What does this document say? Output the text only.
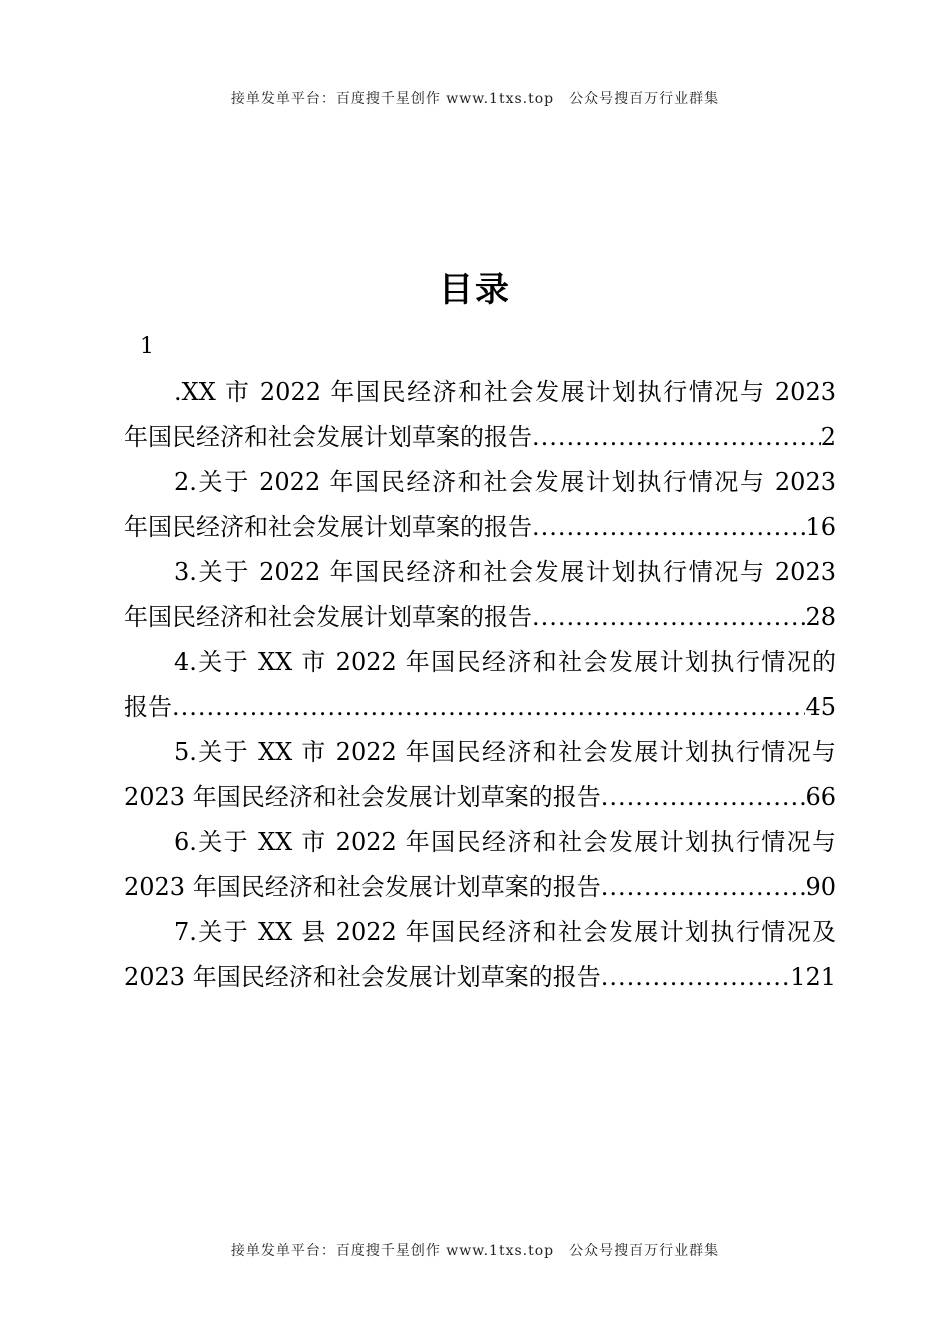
接单发单平台：百度搜千星创作 www.1txs.top　公众号搜百万行业群集
目录
1
.XX 市 2022 年国民经济和社会发展计划执行情况与 2023
年国民经济和社会发展计划草案的报告 .....	2
2.关于 2022 年国民经济和社会发展计划执行情况与 2023
年国民经济和社会发展计划草案的报告 .....	16
3.关于 2022 年国民经济和社会发展计划执行情况与 2023
年国民经济和社会发展计划草案的报告 .....	28
4.关于 XX 市 2022 年国民经济和社会发展计划执行情况的
报告 .....	45
5.关于 XX 市 2022 年国民经济和社会发展计划执行情况与
2023 年国民经济和社会发展计划草案的报告 .....	66
6.关于 XX 市 2022 年国民经济和社会发展计划执行情况与
2023 年国民经济和社会发展计划草案的报告 .....	90
7.关于 XX 县 2022 年国民经济和社会发展计划执行情况及
2023 年国民经济和社会发展计划草案的报告 .....	121
接单发单平台：百度搜千星创作 www.1txs.top　公众号搜百万行业群集
